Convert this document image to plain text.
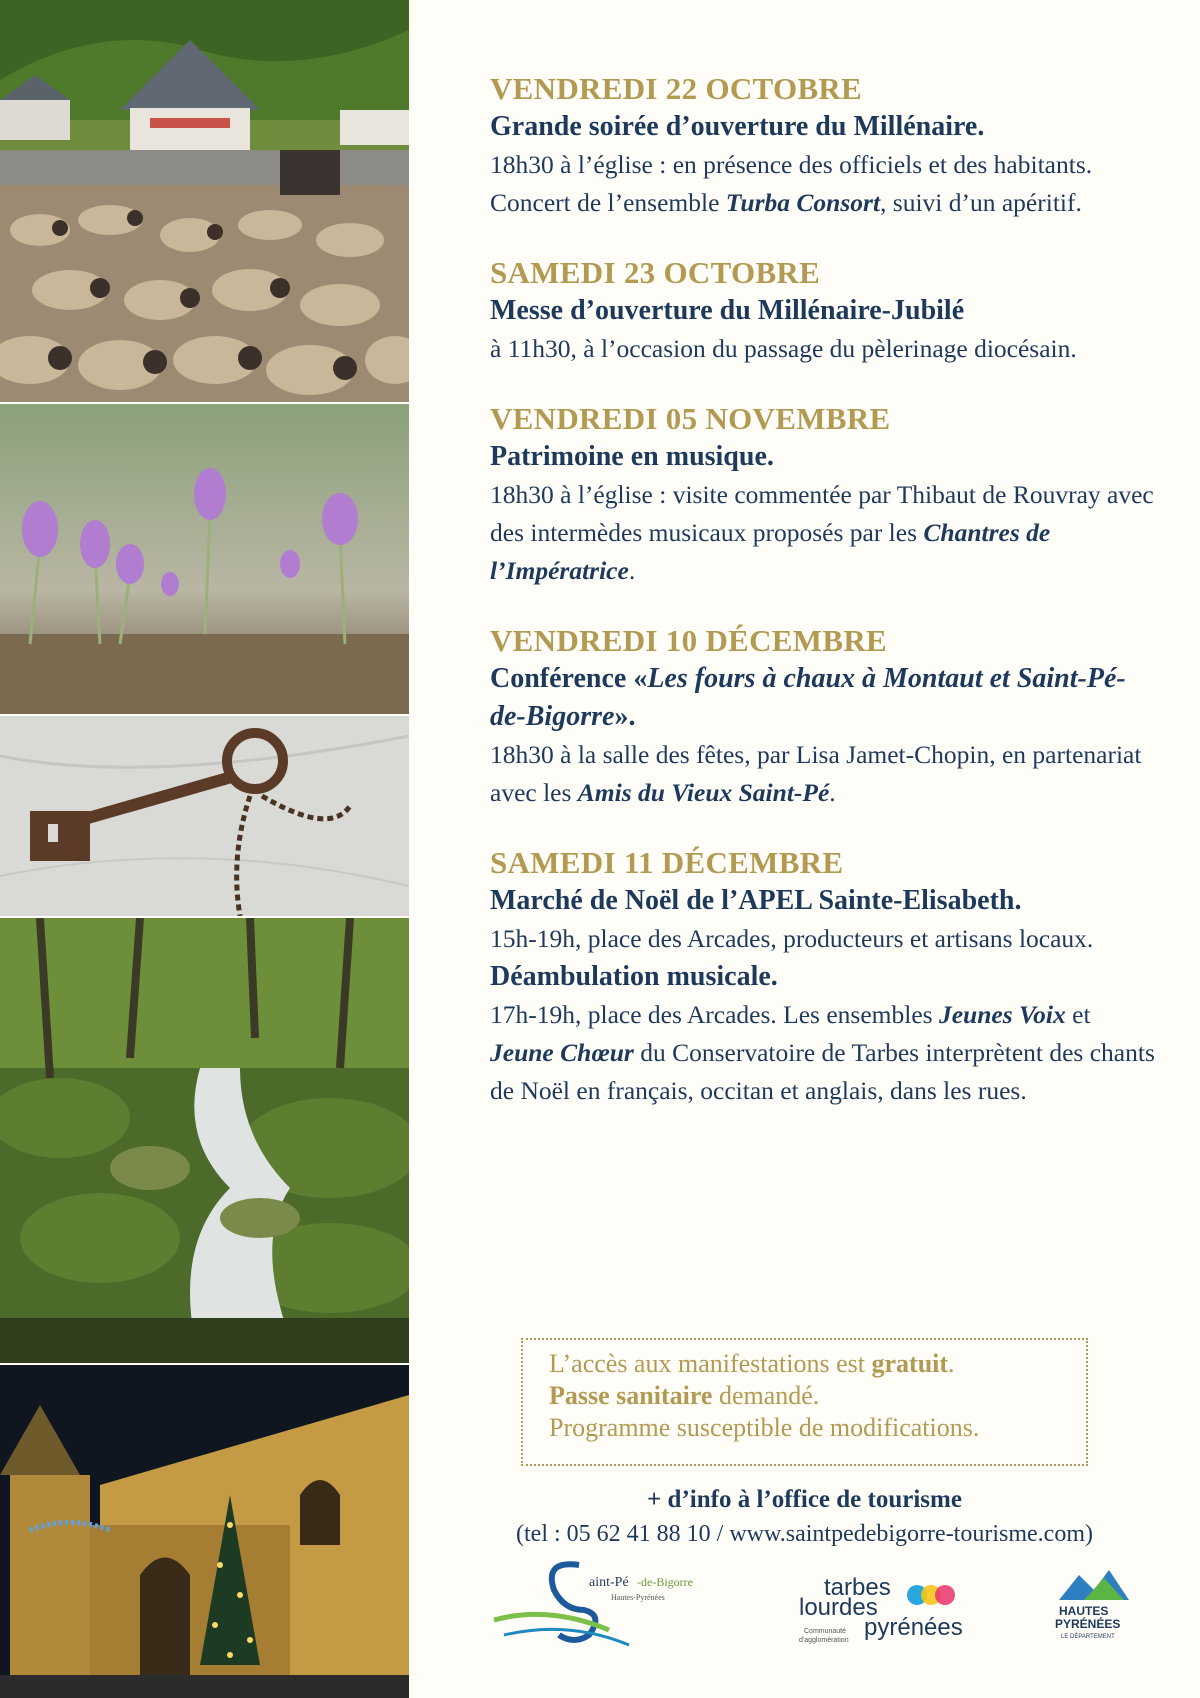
VENDREDI 22 OCTOBRE
Grande soirée d’ouverture du Millénaire.
18h30 à l’église : en présence des officiels et des habitants. Concert de l’ensemble Turba Consort, suivi d’un apéritif.
SAMEDI 23 OCTOBRE
Messe d’ouverture du Millénaire-Jubilé
à 11h30, à l’occasion du passage du pèlerinage diocésain.
VENDREDI 05 NOVEMBRE
Patrimoine en musique.
18h30 à l’église : visite commentée par Thibaut de Rouvray avec des intermèdes musicaux proposés par les Chantres de l’Impératrice.
VENDREDI 10 DÉCEMBRE
Conférence «Les fours à chaux à Montaut et Saint-Pé-de-Bigorre».
18h30 à la salle des fêtes, par Lisa Jamet-Chopin, en partenariat avec les Amis du Vieux Saint-Pé.
SAMEDI 11 DÉCEMBRE
Marché de Noël de l’APEL Sainte-Elisabeth.
15h-19h, place des Arcades, producteurs et artisans locaux.
Déambulation musicale.
17h-19h, place des Arcades. Les ensembles Jeunes Voix et Jeune Chœur du Conservatoire de Tarbes interprètent des chants de Noël en français, occitan et anglais, dans les rues.
L’accès aux manifestations est gratuit.
Passe sanitaire demandé.
Programme susceptible de modifications.
+ d’info à l’office de tourisme
(tel : 05 62 41 88 10 / www.saintpedebigorre-tourisme.com)
aint-Pé -de-Bigorre
Hautes-Pyrénées	tarbes
lourdes
pyrénées
Communauté
d'agglomération
HAUTES
PYRÉNÉES
LE DÉPARTEMENT
